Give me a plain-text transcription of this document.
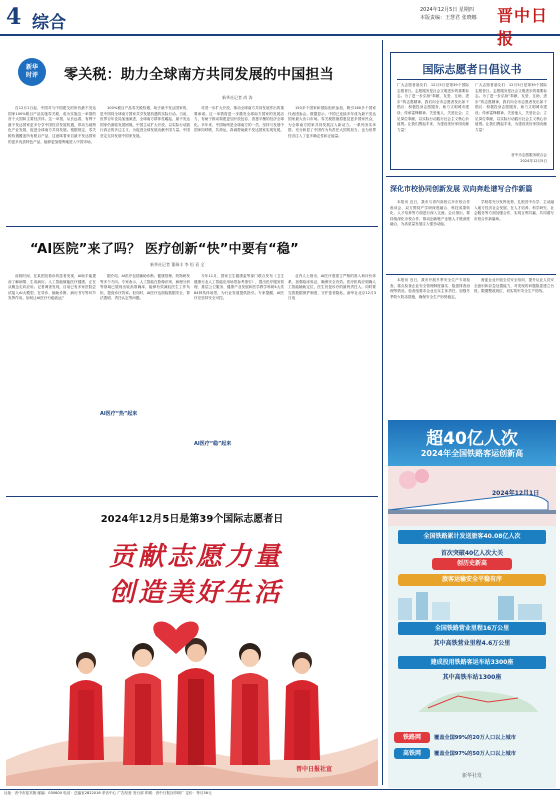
4 综合
2024年12月5日 星期四
本版责编：王慧君 张晓娜 晋中日报
新华
时评 零关税：助力全球南方共同发展的中国担当
新华社记者 尚 涛
自12月1日起，中国对与中国建交的所有最不发达国家100%税目产品实施零关税，成为实施这一举措的首个大国和主要经济体。这一举措，从长远看，有利于最不发达国家更多分享中国经济发展机遇，带动当地特色产业发展，促进全球南方共同发展。根据规定，零关税待遇覆盖所有税目产品，这意味着来自最不发达国家的更多优质特色产品，能够更加便利地进入中国市场。
100%税目产品零关税待遇，给予最不发达国家的，是中国同全球南方国家共享发展机遇的实际行动。当前，世界百年变局加速演进，全球南方群体性崛起，最不发达国家仍面临发展困境。中国主动扩大开放，以实际行动践行真正的多边主义，为促进全球发展贡献中国力量。中国坚定支持发展中国家发展。
对进一步扩大开放，推动全球南方共同发展作出的重要承诺。这一举措将进一步激发全球南方国家的发展活力，有助于推动构建更加开放包容、普惠平衡的经济全球化。多年来，中国始终是全球南方的一员，坚持与发展中国家同呼吸、共命运，真诚帮助最不发达国家实现发展。
150多个国家和国际组织参加，吸引160多个国家代表团参会。数据显示，中国已连续多年成为最不发达国家最大出口市场。零关税措施将惠及更多国家民众，为全球南方国家共同发展注入新动力。一系列务实举措，充分彰显了中国作为负责任大国的担当，也为世界经济注入了更多确定性和正能量。
“AI医院”来了吗？ 医疗创新“快”中要有“稳”
新华社记者 董瑞丰 李 恒 袁 全
前段时间，在某医院看诊的患者发现，AI助手能提前了解病情、生成病历。人工智能赋能医疗健康，正在从概念走向应用。记者调查发现，目前已有多家医院尝试接入AI大模型，在导诊、辅助诊断、病历书写等环节发挥作用。如何让AI医疗行稳致远？
据介绍，AI医疗包括辅助诊断、健康管理、药物研发等多个方向。专家表示，人工智能在影像识别、病理分析等领域已展现出较高准确率，能够有效减轻医生工作负担，提高诊疗效率。但同时，AI医疗也面临数据安全、算法透明、责任认定等问题。
AI医疗“热”起来
今年11月，国家卫生健康委等部门联合发布《卫生健康行业人工智能应用场景参考指引》，提出医疗服务管理、基层公卫服务、健康产业发展和医学教学科研4大类84种具体场景，为行业发展提供指引。专家提醒，AI医疗应坚持安全可控。
AI医疗“稳”起来
业内人士指出，AI医疗需建立严格的准入和评价体系，加强临床验证，确保安全有效。医疗机构应明确人工智能辅助定位，医生仍是诊疗的最终责任人。同时要完善数据保护制度，守护患者隐私。新华社北京12月3日电
2024年12月5日是第39个国际志愿者日
贡献志愿力量
创造美好生活
晋中日报社宣
国际志愿者日倡议书
广大志愿者朋友们：12月5日是第39个国际志愿者日。志愿服务是社会文明进步的重要标志。为了进一步弘扬“奉献、友爱、互助、进步”的志愿精神，我们向全市志愿者发出如下倡议：积极投身志愿服务，助力文明城市建设；传承雷锋精神，关爱他人、关爱社会；立足岗位奉献，以实际行动践行社会主义核心价值观。让我们携起手来，为建设美好家园贡献力量！
广大志愿者朋友们：12月5日是第39个国际志愿者日。志愿服务是社会文明进步的重要标志。为了进一步弘扬“奉献、友爱、互助、进步”的志愿精神，我们向全市志愿者发出如下倡议：积极投身志愿服务，助力文明城市建设；传承雷锋精神，关爱他人、关爱社会；立足岗位奉献，以实际行动践行社会主义核心价值观。让我们携起手来，为建设美好家园贡献力量！
晋中市志愿服务联合会
2024年12月5日
深化市校协同创新发展 双向奔赴谱写合作新篇
本报讯 近日，我市与省内高校召开市校合作座谈会，双方围绕产学研深度融合、科技成果转化、人才培养等方面进行深入交流。会议指出，要持续深化市校合作，推动创新链产业链人才链深度融合，为高质量发展注入强劲动能。
学校将充分发挥优势，扎根晋中办学，主动融入地方经济社会发展，在人才培养、科学研究、社会服务等方面加强合作，实现互利共赢，共同谱写市校合作新篇章。
本报讯 近日，我市开展冬季安全生产专项检查，重点检查企业安全管理制度落实、隐患排查治理等情况。检查组要求企业压实主体责任，加强冬季防火防冻措施，确保安全生产形势稳定。
督促企业开展全员安全培训，提升从业人员安全意识和应急处置能力，对发现的问题隐患建立台账，限期整改到位，切实筑牢安全生产防线。
超40亿人次
2024年全国铁路客运创新高
2024年12月1日
全国铁路累计发送旅客40.08亿人次
首次突破40亿人次大关
创历史新高
旅客运输安全平稳有序
全国铁路营业里程16万公里
其中高铁营业里程4.6万公里
建成投用铁路客运车站3300座
其中高铁车站1300座
铁路网	覆盖全国99%的20万人口以上城市
高铁网	覆盖全国97%的50万人口以上城市
新华社发
社址：晋中市迎宾街 邮编：030600 电话：总编室2822016 采访中心 广告经营 发行部 印刷：晋中日报社印刷厂 定价：每月36元
